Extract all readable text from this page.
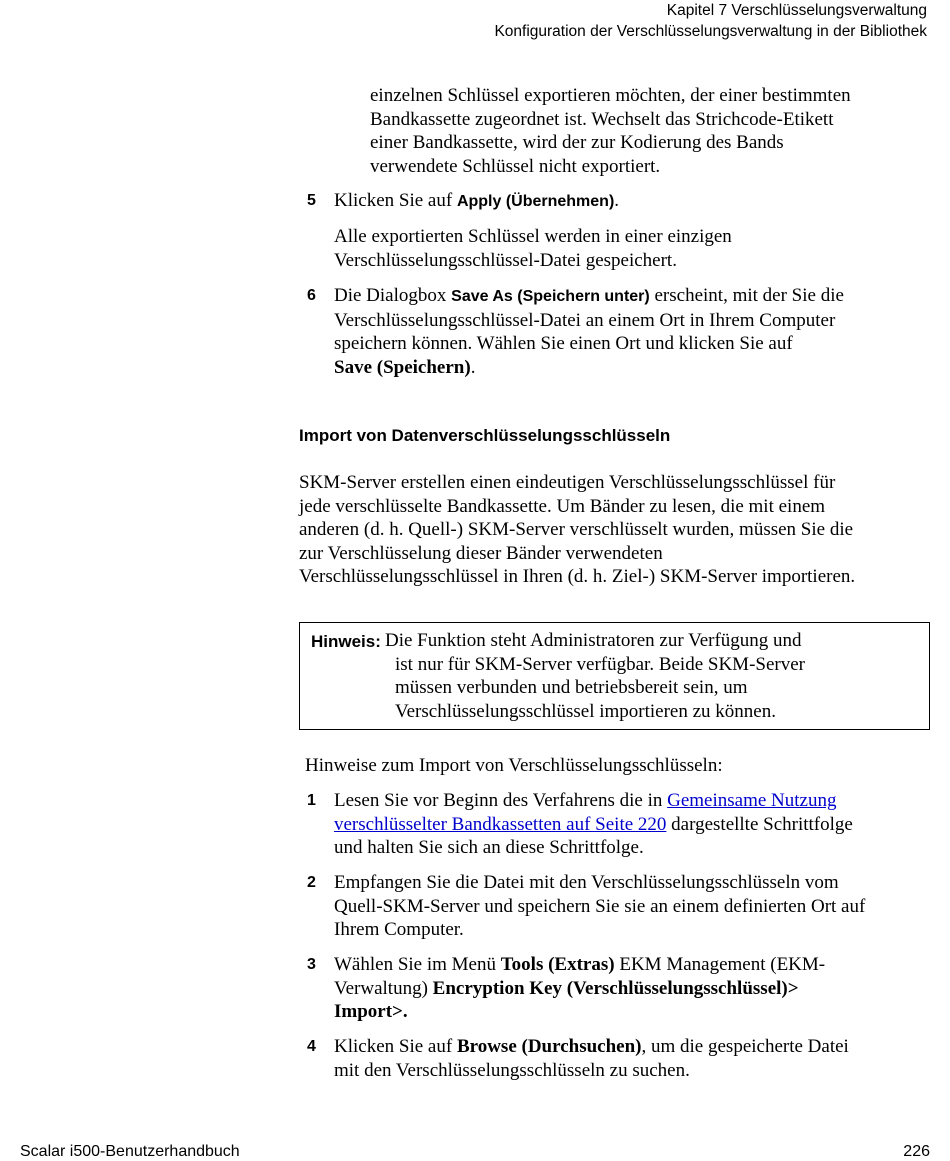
Kapitel 7 Verschlüsselungsverwaltung
Konfiguration der Verschlüsselungsverwaltung in der Bibliothek
einzelnen Schlüssel exportieren möchten, der einer bestimmten
Bandkassette zugeordnet ist. Wechselt das Strichcode-Etikett
einer Bandkassette, wird der zur Kodierung des Bands
verwendete Schlüssel nicht exportiert.
5 Klicken Sie auf Apply (Übernehmen).
Alle exportierten Schlüssel werden in einer einzigen
Verschlüsselungsschlüssel-Datei gespeichert.
6 Die Dialogbox Save As (Speichern unter) erscheint, mit der Sie die
Verschlüsselungsschlüssel-Datei an einem Ort in Ihrem Computer
speichern können. Wählen Sie einen Ort und klicken Sie auf
Save (Speichern).
Import von Datenverschlüsselungsschlüsseln
SKM-Server erstellen einen eindeutigen Verschlüsselungsschlüssel für
jede verschlüsselte Bandkassette. Um Bänder zu lesen, die mit einem
anderen (d. h. Quell-) SKM-Server verschlüsselt wurden, müssen Sie die
zur Verschlüsselung dieser Bänder verwendeten
Verschlüsselungsschlüssel in Ihren (d. h. Ziel-) SKM-Server importieren.
Hinweis: Die Funktion steht Administratoren zur Verfügung und
ist nur für SKM-Server verfügbar. Beide SKM-Server
müssen verbunden und betriebsbereit sein, um
Verschlüsselungsschlüssel importieren zu können.
Hinweise zum Import von Verschlüsselungsschlüsseln:
1 Lesen Sie vor Beginn des Verfahrens die in Gemeinsame Nutzung
verschlüsselter Bandkassetten auf Seite 220 dargestellte Schrittfolge
und halten Sie sich an diese Schrittfolge.
2 Empfangen Sie die Datei mit den Verschlüsselungsschlüsseln vom
Quell-SKM-Server und speichern Sie sie an einem definierten Ort auf
Ihrem Computer.
3 Wählen Sie im Menü Tools (Extras) EKM Management (EKM-
Verwaltung) Encryption Key (Verschlüsselungsschlüssel)>
Import>.
4 Klicken Sie auf Browse (Durchsuchen), um die gespeicherte Datei
mit den Verschlüsselungsschlüsseln zu suchen.
Scalar i500-Benutzerhandbuch	226
